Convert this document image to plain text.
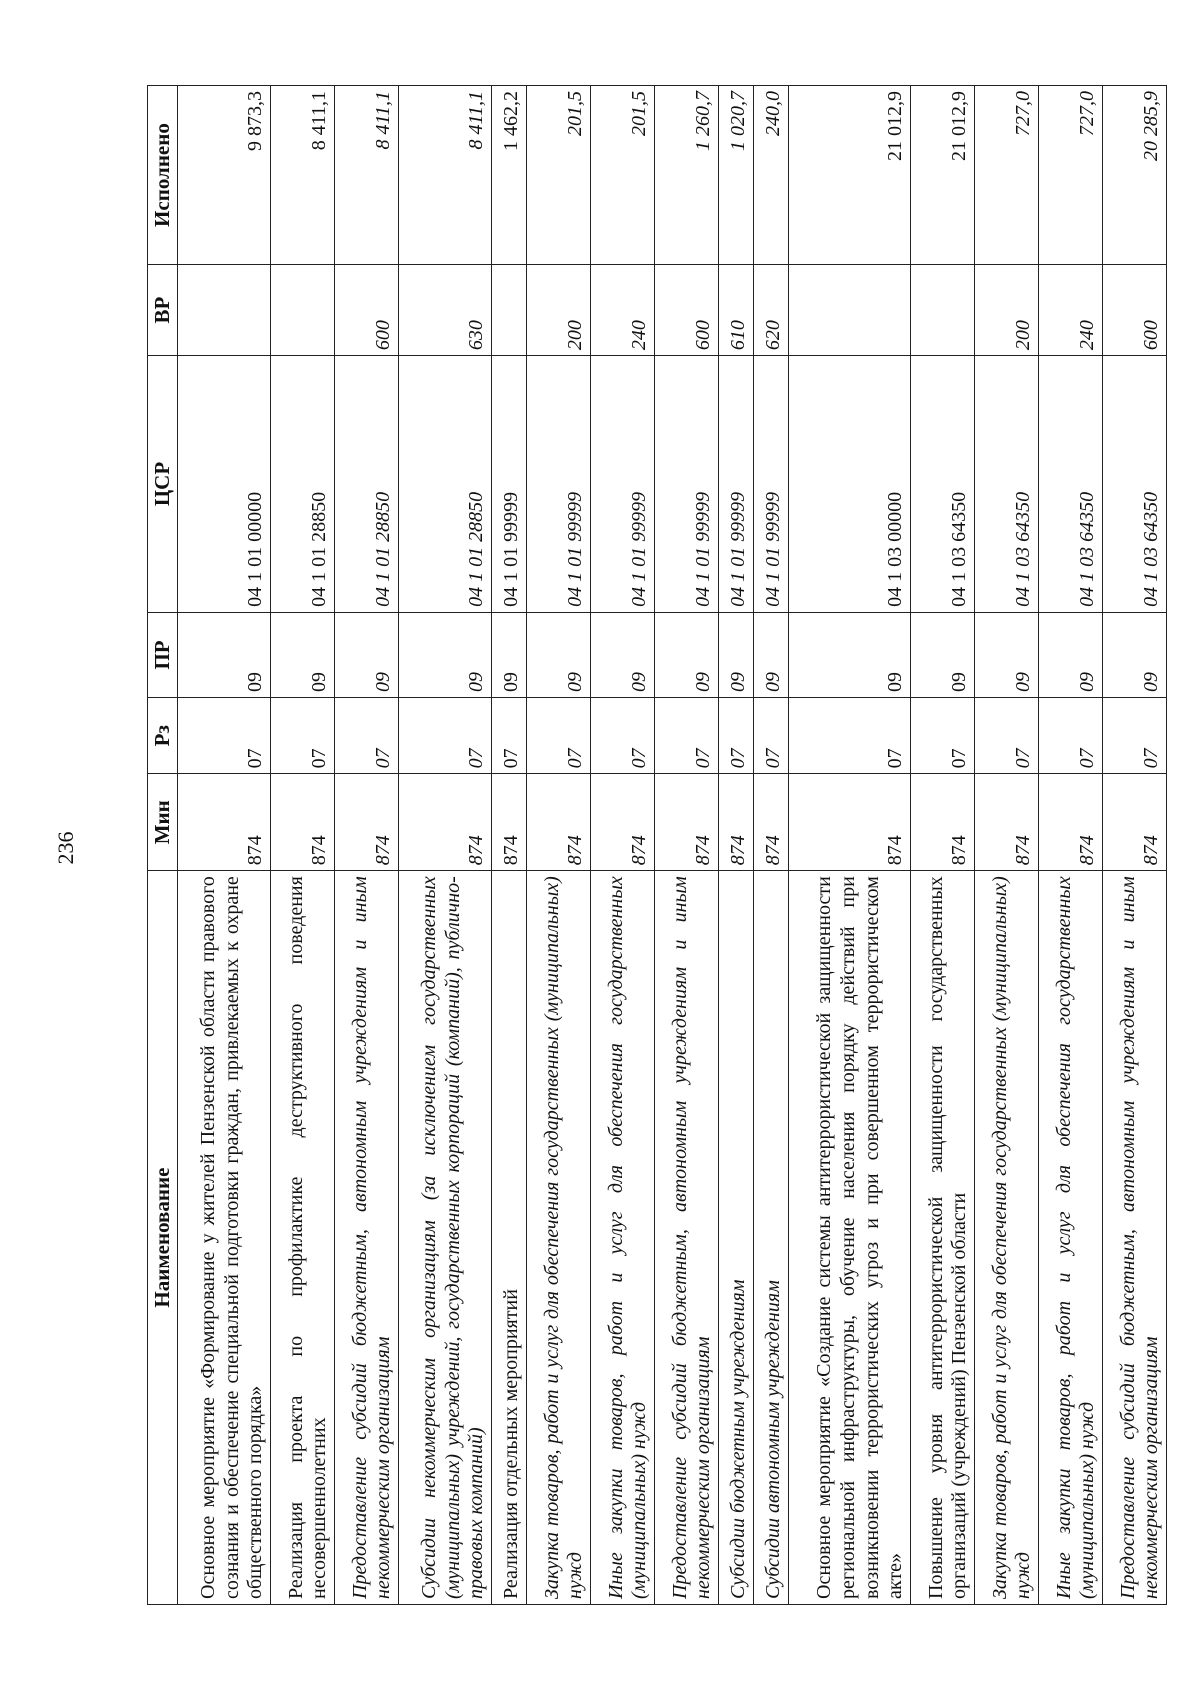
236
Наименование	Мин	Рз	ПР	ЦСР	ВР	Исполнено
Основное мероприятие «Формирование у жителей Пензенской области правового сознания и обеспечение специальной подготовки граждан, привлекаемых к охране общественного порядка»	874	07	09	04 1 01 00000		9 873,3
Реализация проекта по профилактике деструктивного поведения несовершеннолетних	874	07	09	04 1 01 28850		8 411,1
Предоставление субсидий бюджетным, автономным учреждениям и иным некоммерческим организациям	874	07	09	04 1 01 28850	600	8 411,1
Субсидии некоммерческим организациям (за исключением государственных (муниципальных) учреждений, государственных корпораций (компаний), публично-правовых компаний)	874	07	09	04 1 01 28850	630	8 411,1
Реализация отдельных мероприятий	874	07	09	04 1 01 99999		1 462,2
Закупка товаров, работ и услуг для обеспечения государственных (муниципальных) нужд	874	07	09	04 1 01 99999	200	201,5
Иные закупки товаров, работ и услуг для обеспечения государственных (муниципальных) нужд	874	07	09	04 1 01 99999	240	201,5
Предоставление субсидий бюджетным, автономным учреждениям и иным некоммерческим организациям	874	07	09	04 1 01 99999	600	1 260,7
Субсидии бюджетным учреждениям	874	07	09	04 1 01 99999	610	1 020,7
Субсидии автономным учреждениям	874	07	09	04 1 01 99999	620	240,0
Основное мероприятие «Создание системы антитеррористической защищенности региональной инфраструктуры, обучение населения порядку действий при возникновении террористических угроз и при совершенном террористическом акте»	874	07	09	04 1 03 00000		21 012,9
Повышение уровня антитеррористической защищенности государственных организаций (учреждений) Пензенской области	874	07	09	04 1 03 64350		21 012,9
Закупка товаров, работ и услуг для обеспечения государственных (муниципальных) нужд	874	07	09	04 1 03 64350	200	727,0
Иные закупки товаров, работ и услуг для обеспечения государственных (муниципальных) нужд	874	07	09	04 1 03 64350	240	727,0
Предоставление субсидий бюджетным, автономным учреждениям и иным некоммерческим организациям	874	07	09	04 1 03 64350	600	20 285,9
